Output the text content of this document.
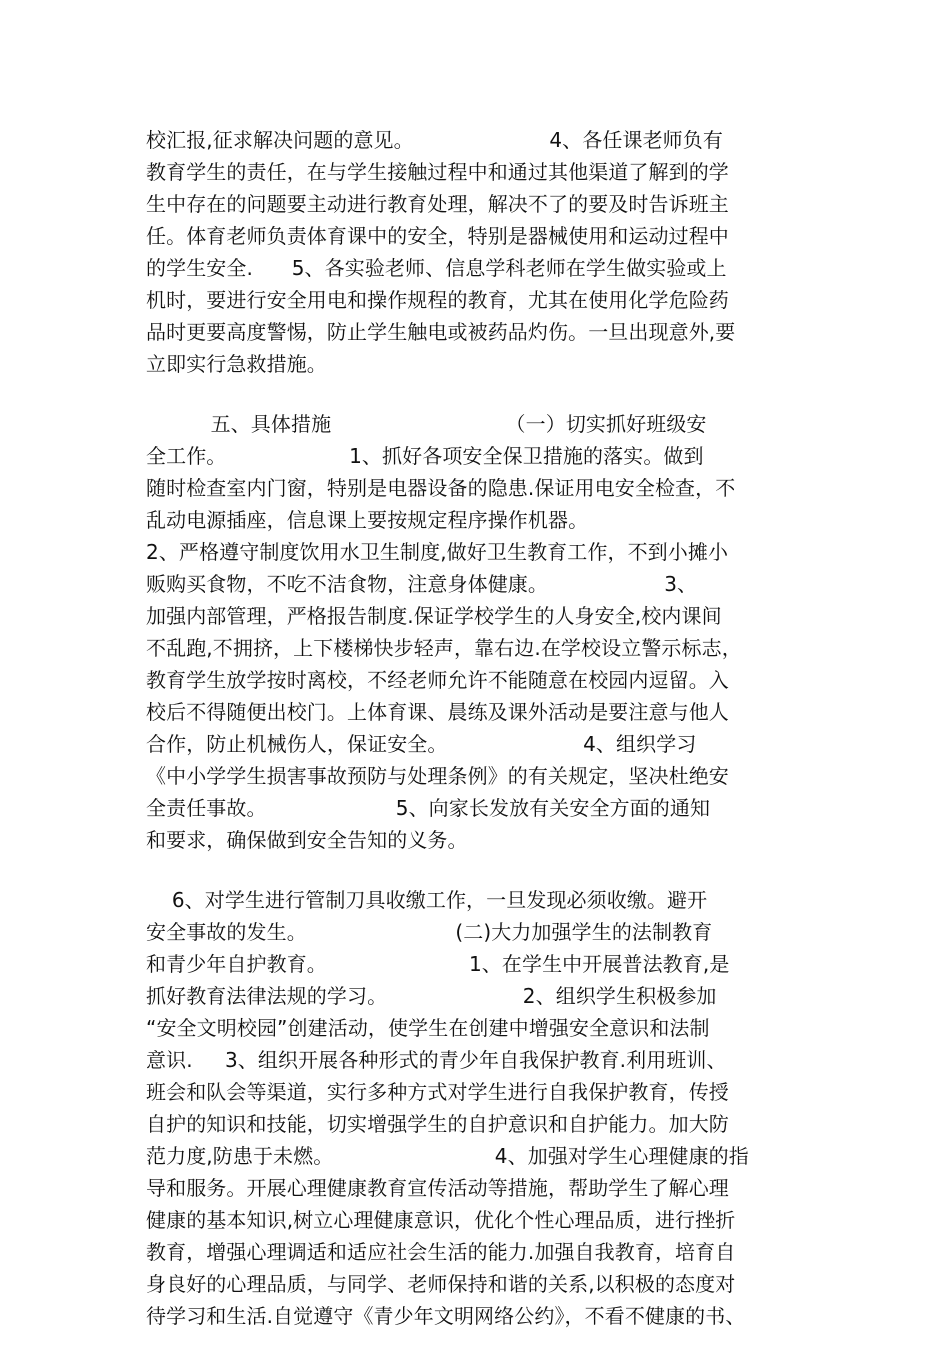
校汇报,征求解决问题的意见。                     4、各任课老师负有
教育学生的责任，在与学生接触过程中和通过其他渠道了解到的学
生中存在的问题要主动进行教育处理，解决不了的要及时告诉班主
任。体育老师负责体育课中的安全，特别是器械使用和运动过程中
的学生安全.      5、各实验老师、信息学科老师在学生做实验或上
机时，要进行安全用电和操作规程的教育，尤其在使用化学危险药
品时更要高度警惕，防止学生触电或被药品灼伤。一旦出现意外,要
立即实行急救措施。
五、具体措施                           （一）切实抓好班级安
全工作。                   1、抓好各项安全保卫措施的落实。做到
随时检查室内门窗，特别是电器设备的隐患.保证用电安全检查，不
乱动电源插座，信息课上要按规定程序操作机器。
2、严格遵守制度饮用水卫生制度,做好卫生教育工作，不到小摊小
贩购买食物，不吃不洁食物，注意身体健康。                  3、
加强内部管理，严格报告制度.保证学校学生的人身安全,校内课间
不乱跑,不拥挤，上下楼梯快步轻声，靠右边.在学校设立警示标志，
教育学生放学按时离校，不经老师允许不能随意在校园内逗留。入
校后不得随便出校门。上体育课、晨练及课外活动是要注意与他人
合作，防止机械伤人，保证安全。                     4、组织学习
《中小学学生损害事故预防与处理条例》的有关规定，坚决杜绝安
全责任事故。                    5、向家长发放有关安全方面的通知
和要求，确保做到安全告知的义务。
6、对学生进行管制刀具收缴工作，一旦发现必须收缴。避开
安全事故的发生。                       (二)大力加强学生的法制教育
和青少年自护教育。                      1、在学生中开展普法教育,是
抓好教育法律法规的学习。                     2、组织学生积极参加
“安全文明校园”创建活动，使学生在创建中增强安全意识和法制
意识.     3、组织开展各种形式的青少年自我保护教育.利用班训、
班会和队会等渠道，实行多种方式对学生进行自我保护教育，传授
自护的知识和技能，切实增强学生的自护意识和自护能力。加大防
范力度,防患于未燃。                         4、加强对学生心理健康的指
导和服务。开展心理健康教育宣传活动等措施，帮助学生了解心理
健康的基本知识,树立心理健康意识，优化个性心理品质，进行挫折
教育，增强心理调适和适应社会生活的能力.加强自我教育，培育自
身良好的心理品质，与同学、老师保持和谐的关系,以积极的态度对
待学习和生活.自觉遵守《青少年文明网络公约》，不看不健康的书、
